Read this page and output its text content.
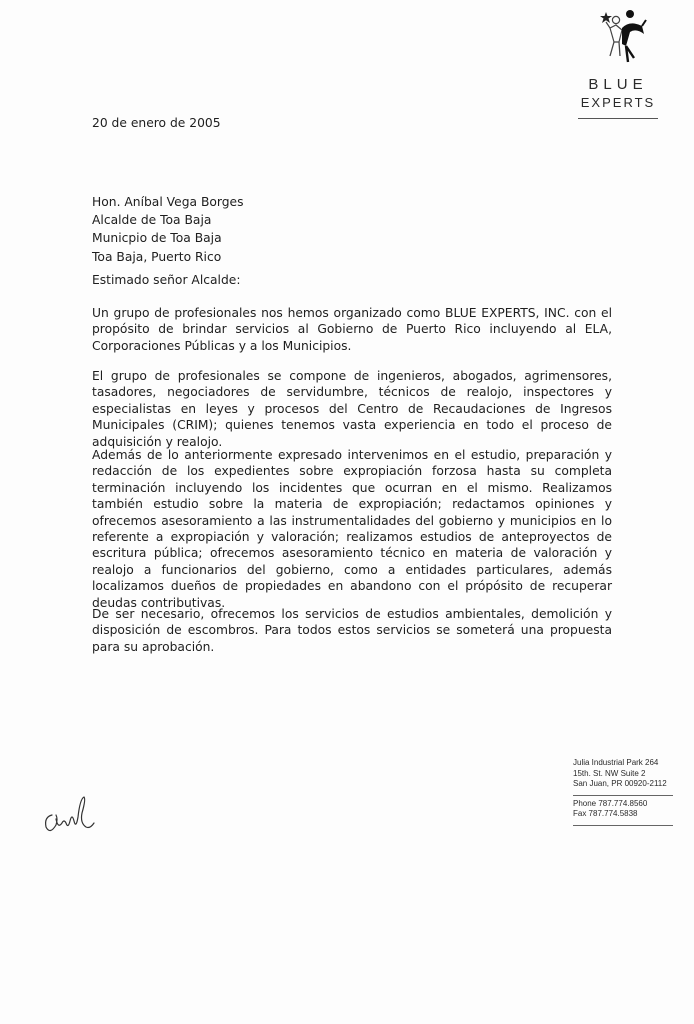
BLUE
EXPERTS
20 de enero de 2005
Hon. Aníbal Vega Borges
Alcalde de Toa Baja
Municpio de Toa Baja
Toa Baja, Puerto Rico
Estimado señor Alcalde:
Un grupo de profesionales nos hemos organizado como BLUE EXPERTS, INC. con el propósito de brindar servicios al Gobierno de Puerto Rico incluyendo al ELA, Corporaciones Públicas y a los Municipios.
El grupo de profesionales se compone de ingenieros, abogados, agrimensores, tasadores, negociadores de servidumbre, técnicos de realojo, inspectores y especialistas en leyes y procesos del Centro de Recaudaciones de Ingresos Municipales (CRIM); quienes tenemos vasta experiencia en todo el proceso de adquisición y realojo.
Además de lo anteriormente expresado intervenimos en el estudio, preparación y redacción de los expedientes sobre expropiación forzosa hasta su completa terminación incluyendo los incidentes que ocurran en el mismo. Realizamos también estudio sobre la materia de expropiación; redactamos opiniones y ofrecemos asesoramiento a las instrumentalidades del gobierno y municipios en lo referente a expropiación y valoración; realizamos estudios de anteproyectos de escritura pública; ofrecemos asesoramiento técnico en materia de valoración y realojo a funcionarios del gobierno, como a entidades particulares, además localizamos dueños de propiedades en abandono con el própósito de recuperar deudas contributivas.
De ser necesario, ofrecemos los servicios de estudios ambientales, demolición y disposición de escombros. Para todos estos servicios se someterá una propuesta para su aprobación.
Julia Industrial Park 264
15th. St. NW Suite 2
San Juan, PR 00920-2112
Phone 787.774.8560
Fax 787.774.5838
